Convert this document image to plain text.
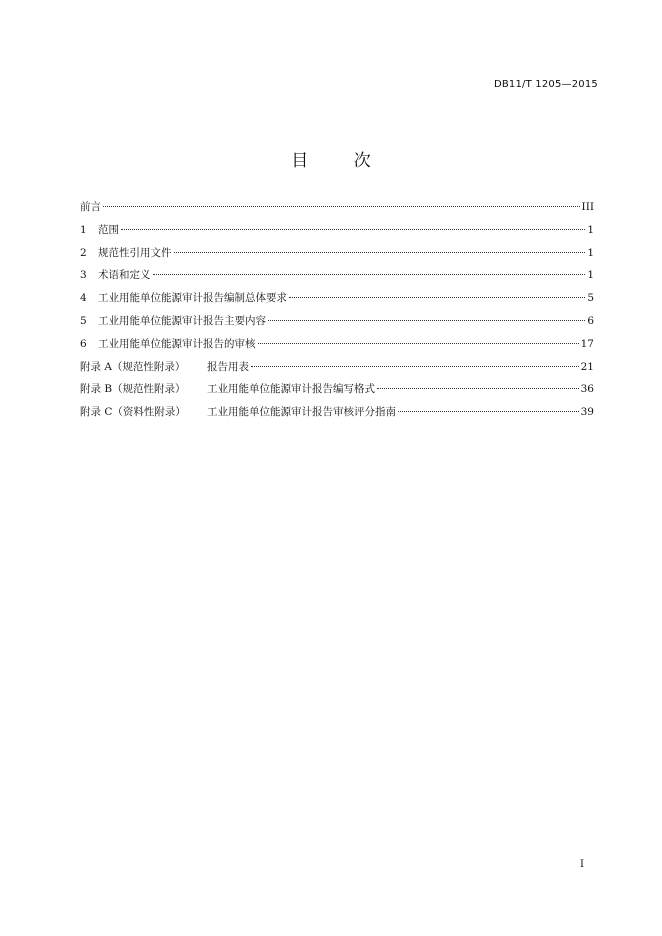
DB11/T 1205—2015
目 次
前言	III
1	范围	1
2	规范性引用文件	1
3	术语和定义	1
4	工业用能单位能源审计报告编制总体要求	5
5	工业用能单位能源审计报告主要内容	6
6	工业用能单位能源审计报告的审核	17
附录 A（规范性附录）	报告用表	21
附录 B（规范性附录）	工业用能单位能源审计报告编写格式	36
附录 C（资料性附录）	工业用能单位能源审计报告审核评分指南	39
I
